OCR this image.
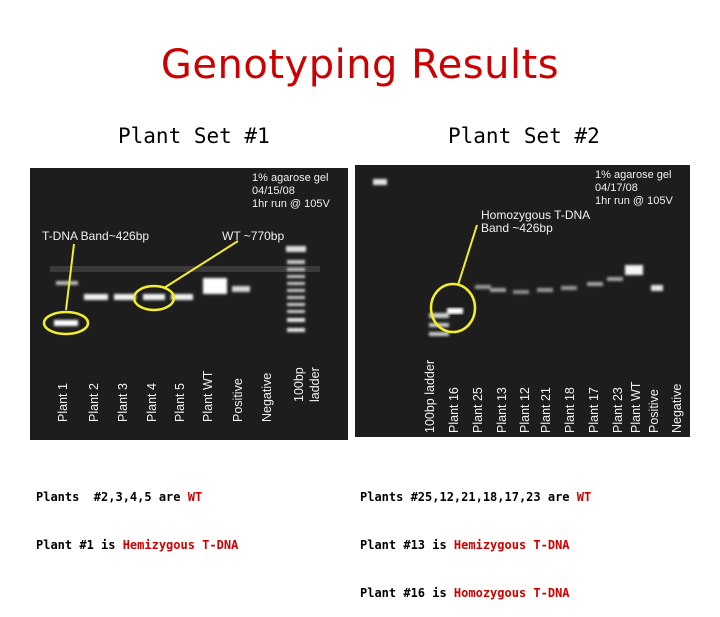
Genotyping Results
Plant Set #1	Plant Set #2
1% agarose gel
04/15/08
1hr run @ 105V
T-DNA Band~426bp	WT ~770bp
Plant 1 Plant 2 Plant 3 Plant 4 Plant 5 Plant WT Positive Negative 100bp ladder
1% agarose gel
04/17/08
1hr run @ 105V
Homozygous T-DNA
Band ~426bp
100bp ladder Plant 16 Plant 25 Plant 13 Plant 12 Plant 21 Plant 18 Plant 17 Plant 23 Plant WT Positive Negative

Plants  #2,3,4,5 are WT

Plant #1 is Hemizygous T-DNA

Plants #25,12,21,18,17,23 are WT

Plant #13 is Hemizygous T-DNA

Plant #16 is Homozygous T-DNA
